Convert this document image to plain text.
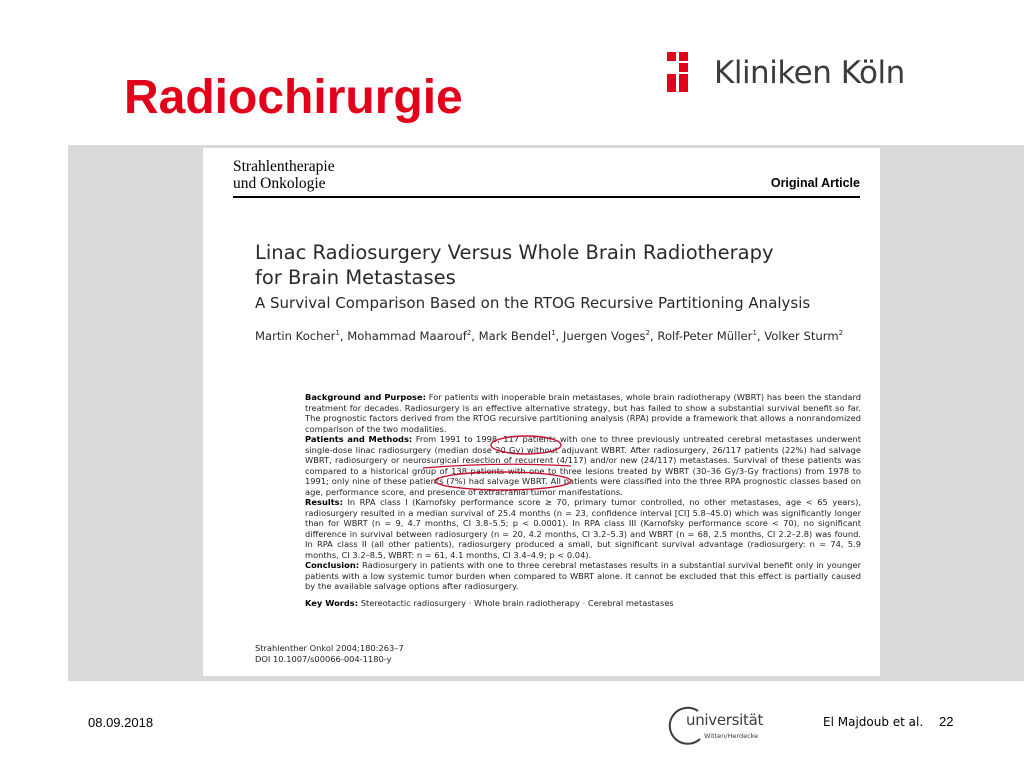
Radiochirurgie	Kliniken Köln
Strahlentherapie
und Onkologie	Original Article
Linac Radiosurgery Versus Whole Brain Radiotherapy
for Brain Metastases
A Survival Comparison Based on the RTOG Recursive Partitioning Analysis
Martin Kocher$^1$, Mohammad Maarouf$^2$, Mark Bendel$^1$, Juergen Voges$^2$, Rolf-Peter Müller$^1$, Volker Sturm$^2$

Background and Purpose: For patients with inoperable brain metastases, whole brain radiotherapy (WBRT) has been the standard treatment for decades. Radiosurgery is an effective alternative strategy, but has failed to show a substantial survival benefit so far. The prognostic factors derived from the RTOG recursive partitioning analysis (RPA) provide a framework that allows a nonrandomized comparison of the two modalities.

Patients and Methods: From 1991 to 1998, 117 patients with one to three previously untreated cerebral metastases underwent single-dose linac radiosurgery (median dose 20 Gy) without adjuvant WBRT. After radiosurgery, 26/117 patients (22%) had salvage WBRT, radiosurgery or neurosurgical resection of recurrent (4/117) and/or new (24/117) metastases. Survival of these patients was compared to a historical group of 138 patients with one to three lesions treated by WBRT (30–36 Gy/3-Gy fractions) from 1978 to 1991; only nine of these patients (7%) had salvage WBRT. All patients were classified into the three RPA prognostic classes based on age, performance score, and presence of extracranial tumor manifestations.

Results: In RPA class I (Karnofsky performance score ≥ 70, primary tumor controlled, no other metastases, age < 65 years), radiosurgery resulted in a median survival of 25.4 months (n = 23, confidence interval [CI] 5.8–45.0) which was significantly longer than for WBRT (n = 9, 4.7 months, CI 3.8–5.5; p < 0.0001). In RPA class III (Karnofsky performance score < 70), no significant difference in survival between radiosurgery (n = 20, 4.2 months, CI 3.2–5.3) and WBRT (n = 68, 2.5 months, CI 2.2–2.8) was found. In RPA class II (all other patients), radiosurgery produced a small, but significant survival advantage (radiosurgery: n = 74, 5.9 months, CI 3.2–8.5, WBRT: n = 61, 4.1 months, CI 3.4–4.9; p < 0.04).

Conclusion: Radiosurgery in patients with one to three cerebral metastases results in a substantial survival benefit only in younger patients with a low systemic tumor burden when compared to WBRT alone. It cannot be excluded that this effect is partially caused by the available salvage options after radiosurgery.

Key Words: Stereotactic radiosurgery · Whole brain radiotherapy · Cerebral metastases

Strahlenther Onkol 2004;180:263–7
DOI 10.1007/s00066-004-1180-y
08.09.2018	universität
Witten/Herdecke
El Majdoub et al. 22
